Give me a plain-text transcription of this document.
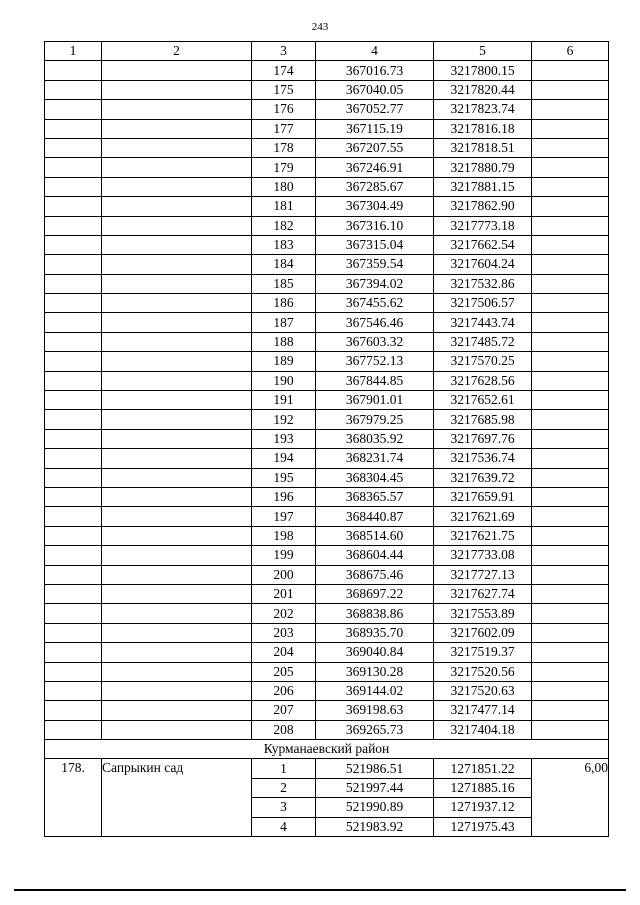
243
1	2	3	4	5	6
		174	367016.73	3217800.15	
		175	367040.05	3217820.44	
		176	367052.77	3217823.74	
		177	367115.19	3217816.18	
		178	367207.55	3217818.51	
		179	367246.91	3217880.79	
		180	367285.67	3217881.15	
		181	367304.49	3217862.90	
		182	367316.10	3217773.18	
		183	367315.04	3217662.54	
		184	367359.54	3217604.24	
		185	367394.02	3217532.86	
		186	367455.62	3217506.57	
		187	367546.46	3217443.74	
		188	367603.32	3217485.72	
		189	367752.13	3217570.25	
		190	367844.85	3217628.56	
		191	367901.01	3217652.61	
		192	367979.25	3217685.98	
		193	368035.92	3217697.76	
		194	368231.74	3217536.74	
		195	368304.45	3217639.72	
		196	368365.57	3217659.91	
		197	368440.87	3217621.69	
		198	368514.60	3217621.75	
		199	368604.44	3217733.08	
		200	368675.46	3217727.13	
		201	368697.22	3217627.74	
		202	368838.86	3217553.89	
		203	368935.70	3217602.09	
		204	369040.84	3217519.37	
		205	369130.28	3217520.56	
		206	369144.02	3217520.63	
		207	369198.63	3217477.14	
		208	369265.73	3217404.18	
Курманаевский район					
178.	Сапрыкин сад	1	521986.51	1271851.22	6,00
		2	521997.44	1271885.16	
		3	521990.89	1271937.12	
		4	521983.92	1271975.43	
